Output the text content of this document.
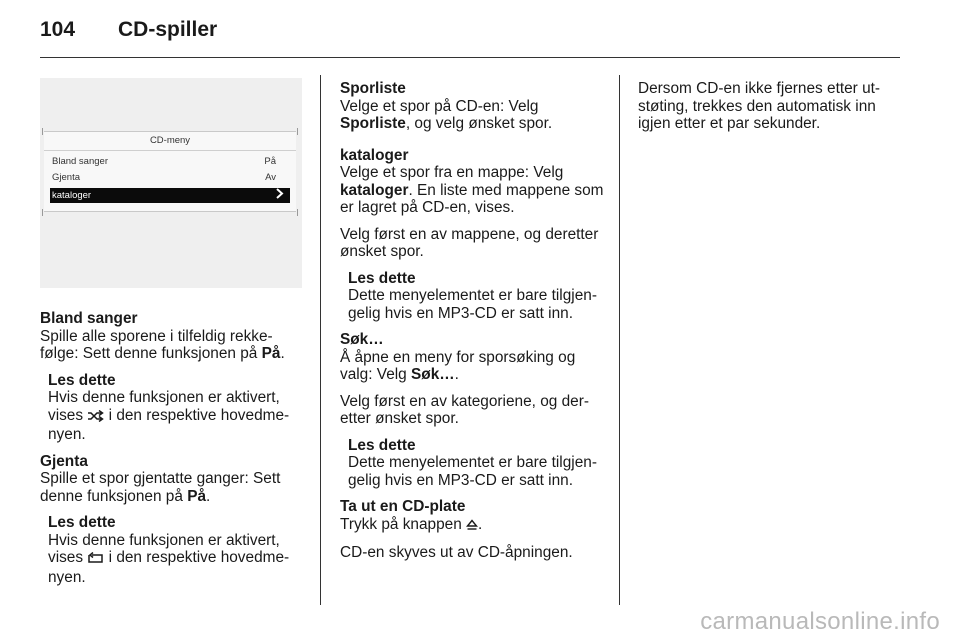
104 CD-spiller
CD-meny
Bland sanger	På
Gjenta	Av
kataloger
Bland sanger
Spille alle sporene i tilfeldig rekke-følge: Sett denne funksjonen på På.
Les dette
Hvis denne funksjonen er aktivert, vises  i den respektive hovedme-nyen.
Gjenta
Spille et spor gjentatte ganger: Sett denne funksjonen på På.
Les dette
Hvis denne funksjonen er aktivert, vises  i den respektive hovedme-nyen.
Sporliste
Velge et spor på CD-en: Velg Sporliste, og velg ønsket spor.
kataloger
Velge et spor fra en mappe: Velg kataloger. En liste med mappene som er lagret på CD-en, vises.
Velg først en av mappene, og deretter ønsket spor.
Les dette
Dette menyelementet er bare tilgjen-gelig hvis en MP3-CD er satt inn.
Søk…
Å åpne en meny for sporsøking og valg: Velg Søk….
Velg først en av kategoriene, og der-etter ønsket spor.
Les dette
Dette menyelementet er bare tilgjen-gelig hvis en MP3-CD er satt inn.
Ta ut en CD-plate
Trykk på knappen .
CD-en skyves ut av CD-åpningen.
Dersom CD-en ikke fjernes etter ut-støting, trekkes den automatisk inn igjen etter et par sekunder.
carmanualsonline.info
